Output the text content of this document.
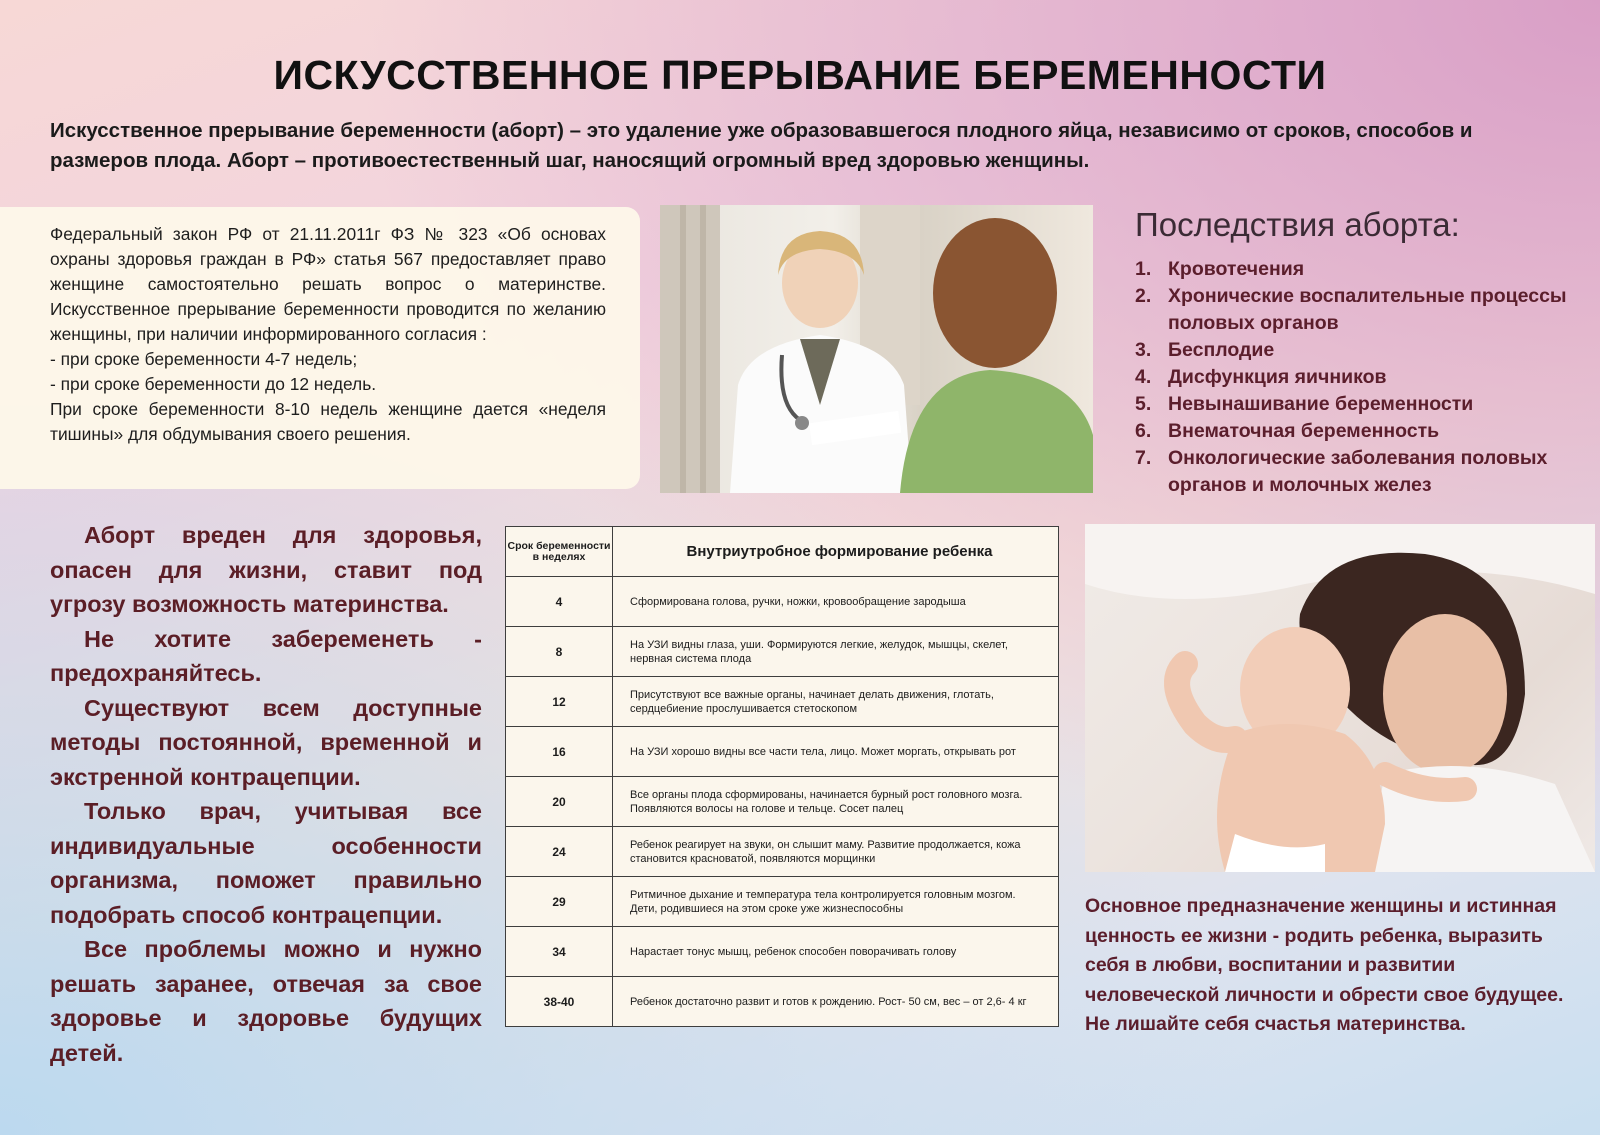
ИСКУССТВЕННОЕ ПРЕРЫВАНИЕ БЕРЕМЕННОСТИ
Искусственное прерывание беременности (аборт) – это удаление уже образовавшегося плодного яйца, независимо от сроков, способов и размеров плода. Аборт – противоестественный шаг, наносящий огромный вред здоровью женщины.
Федеральный закон РФ от 21.11.2011г ФЗ № 323 «Об основах охраны здоровья граждан в РФ» статья 567 предоставляет право женщине самостоятельно решать вопрос о материнстве. Искусственное прерывание беременности проводится по желанию женщины, при наличии информированного согласия :
- при сроке беременности 4-7 недель;
- при сроке беременности до 12 недель.
При сроке беременности 8-10 недель женщине дается «неделя тишины» для обдумывания своего решения.
Последствия аборта:
1. Кровотечения
2. Хронические воспалительные процессы половых органов
3. Бесплодие
4. Дисфункция яичников
5. Невынашивание беременности
6. Внематочная беременность
7. Онкологические заболевания половых органов и молочных желез

Аборт вреден для здоровья, опасен для жизни, ставит под угрозу возможность материнства.

Не хотите забеременеть - предохраняйтесь.

Существуют всем доступные методы постоянной, временной и экстренной контрацепции.

Только врач, учитывая все индивидуальные особенности организма, поможет правильно подобрать способ контрацепции.

Все проблемы можно и нужно решать заранее, отвечая за свое здоровье и здоровье будущих детей.

Срок беременности в неделях	Внутриутробное формирование ребенка
4	Сформирована голова, ручки, ножки, кровообращение зародыша
8	На УЗИ видны глаза, уши. Формируются легкие, желудок, мышцы, скелет, нервная система плода
12	Присутствуют все важные органы, начинает делать движения, глотать, сердцебиение прослушивается стетоскопом
16	На УЗИ хорошо видны все части тела, лицо. Может моргать, открывать рот
20	Все органы плода сформированы, начинается бурный рост головного мозга. Появляются волосы на голове и тельце. Сосет палец
24	Ребенок реагирует на звуки, он слышит маму. Развитие продолжается, кожа становится красноватой, появляются морщинки
29	Ритмичное дыхание и температура тела контролируется головным мозгом. Дети, родившиеся на этом сроке уже жизнеспособны
34	Нарастает тонус мышц, ребенок способен поворачивать голову
38-40	Ребенок достаточно развит и готов к рождению. Рост- 50 см, вес – от 2,6- 4 кг
Основное предназначение женщины и истинная ценность ее жизни - родить ребенка, выразить себя в любви, воспитании и развитии человеческой личности и обрести свое будущее.
Не лишайте себя счастья материнства.
